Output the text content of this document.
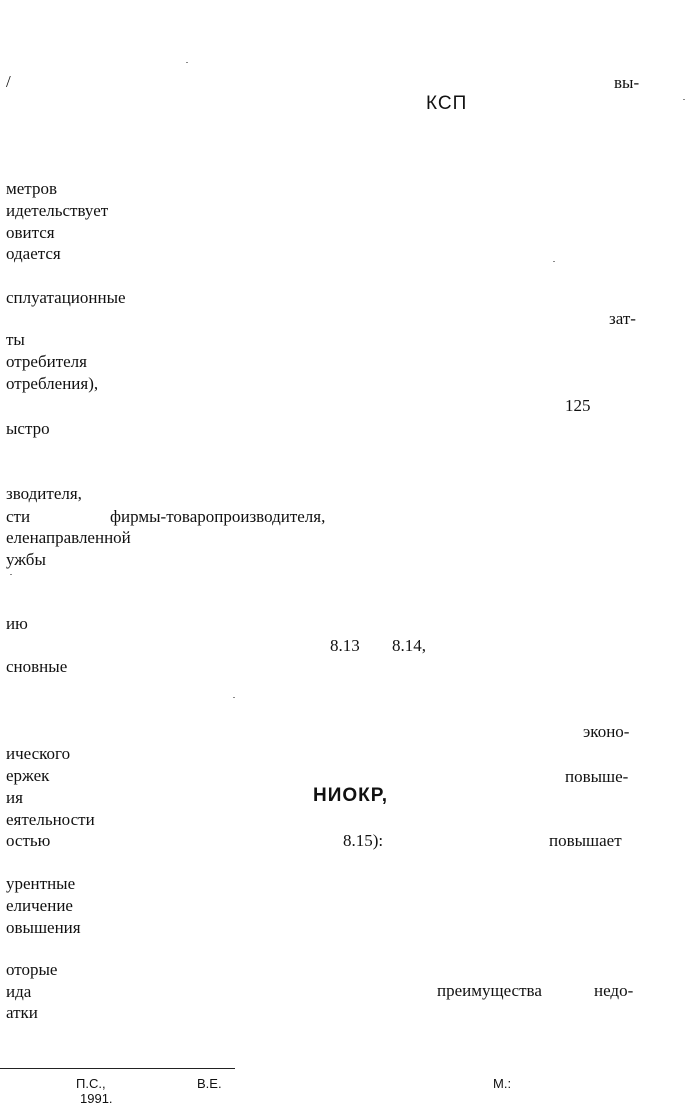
/	вы-
КСП
зат-
125
фирмы-товаропроизводителя,
8.13 8.14,
эконо-
повыше-
НИОКР,
8.15):	повышает
преимущества	недо-
метров
идетельствует
овится
одается
сплуатационные
ты
отребителя
отребления),
ыстро
зводителя,
сти
еленаправленной
ужбы
ию
сновные
ического
ержек
ия
еятельности
остью
урентные
еличение
овышения
оторые
ида
атки
П.С.,	В.Е.	М.:
1991.
